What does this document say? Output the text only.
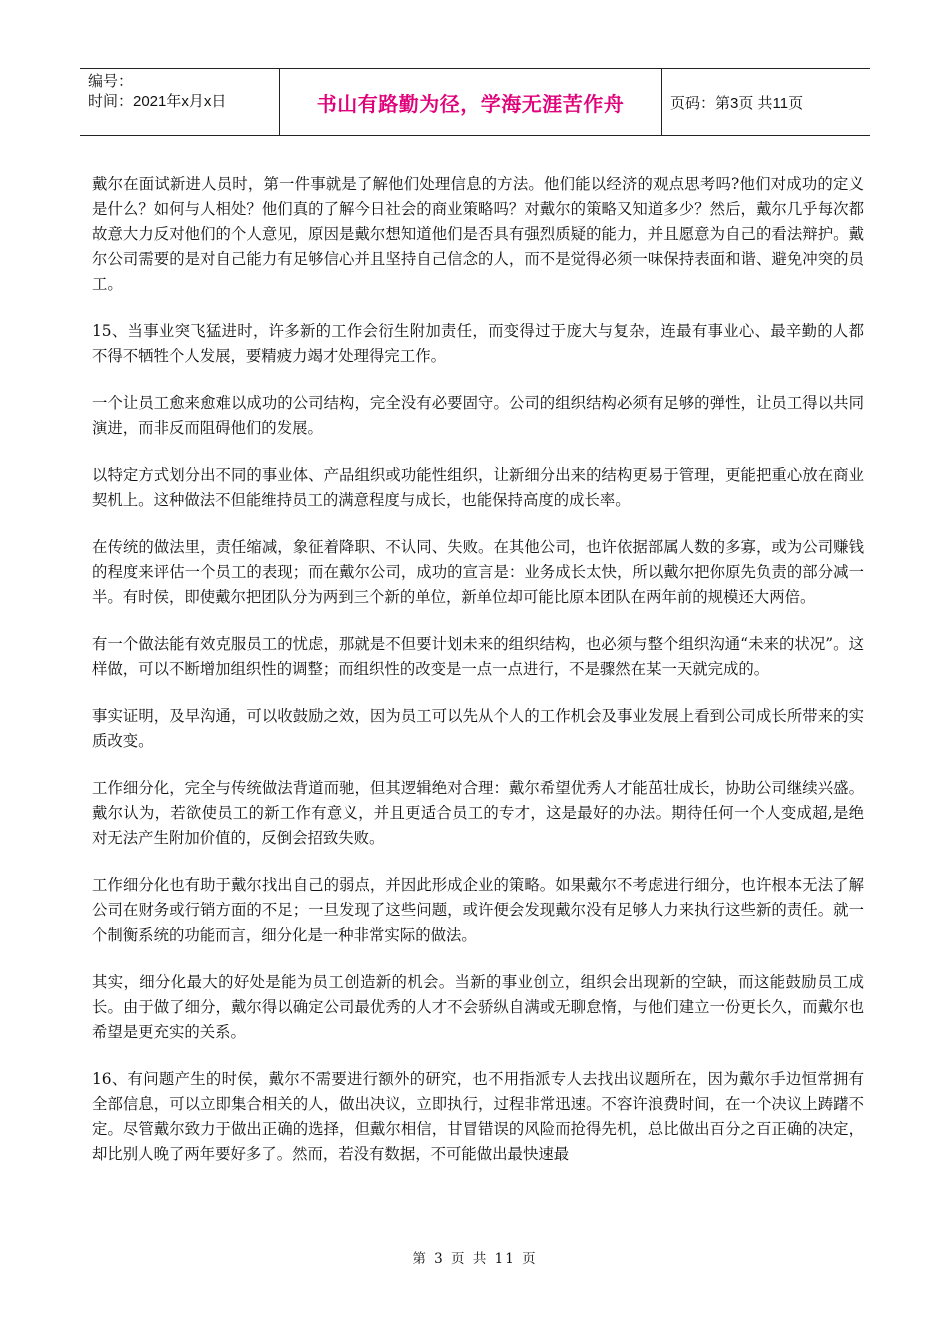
编号：
时间：2021年x月x日	书山有路勤为径，学海无涯苦作舟	页码：第3页 共11页

戴尔在面试新进人员时，第一件事就是了解他们处理信息的方法。他们能以经济的观点思考吗?他们对成功的定义是什么？如何与人相处？他们真的了解今日社会的商业策略吗？对戴尔的策略又知道多少？然后，戴尔几乎每次都故意大力反对他们的个人意见，原因是戴尔想知道他们是否具有强烈质疑的能力，并且愿意为自己的看法辩护。戴尔公司需要的是对自己能力有足够信心并且坚持自己信念的人，而不是觉得必须一味保持表面和谐、避免冲突的员工。

15、当事业突飞猛进时，许多新的工作会衍生附加责任，而变得过于庞大与复杂，连最有事业心、最辛勤的人都不得不牺牲个人发展，要精疲力竭才处理得完工作。

一个让员工愈来愈难以成功的公司结构，完全没有必要固守。公司的组织结构必须有足够的弹性，让员工得以共同演进，而非反而阻碍他们的发展。

以特定方式划分出不同的事业体、产品组织或功能性组织，让新细分出来的结构更易于管理，更能把重心放在商业契机上。这种做法不但能维持员工的满意程度与成长，也能保持高度的成长率。

在传统的做法里，责任缩减，象征着降职、不认同、失败。在其他公司，也许依据部属人数的多寡，或为公司赚钱的程度来评估一个员工的表现；而在戴尔公司，成功的宣言是：业务成长太快，所以戴尔把你原先负责的部分减一半。有时侯，即使戴尔把团队分为两到三个新的单位，新单位却可能比原本团队在两年前的规模还大两倍。

有一个做法能有效克服员工的忧虑，那就是不但要计划未来的组织结构，也必须与整个组织沟通“未来的状况”。这样做，可以不断增加组织性的调整；而组织性的改变是一点一点进行，不是骤然在某一天就完成的。

事实证明，及早沟通，可以收鼓励之效，因为员工可以先从个人的工作机会及事业发展上看到公司成长所带来的实质改变。

工作细分化，完全与传统做法背道而驰，但其逻辑绝对合理：戴尔希望优秀人才能茁壮成长，协助公司继续兴盛。戴尔认为，若欲使员工的新工作有意义，并且更适合员工的专才，这是最好的办法。期待任何一个人变成超,是绝对无法产生附加价值的，反倒会招致失败。

工作细分化也有助于戴尔找出自己的弱点，并因此形成企业的策略。如果戴尔不考虑进行细分，也许根本无法了解公司在财务或行销方面的不足；一旦发现了这些问题，或许便会发现戴尔没有足够人力来执行这些新的责任。就一个制衡系统的功能而言，细分化是一种非常实际的做法。

其实，细分化最大的好处是能为员工创造新的机会。当新的事业创立，组织会出现新的空缺，而这能鼓励员工成长。由于做了细分，戴尔得以确定公司最优秀的人才不会骄纵自满或无聊怠惰，与他们建立一份更长久，而戴尔也希望是更充实的关系。

16、有问题产生的时侯，戴尔不需要进行额外的研究，也不用指派专人去找出议题所在，因为戴尔手边恒常拥有全部信息，可以立即集合相关的人，做出决议，立即执行，过程非常迅速。不容许浪费时间，在一个决议上踌躇不定。尽管戴尔致力于做出正确的选择，但戴尔相信，甘冒错误的风险而抢得先机，总比做出百分之百正确的决定，却比别人晚了两年要好多了。然而，若没有数据，不可能做出最快速最

第 3 页 共 11 页
